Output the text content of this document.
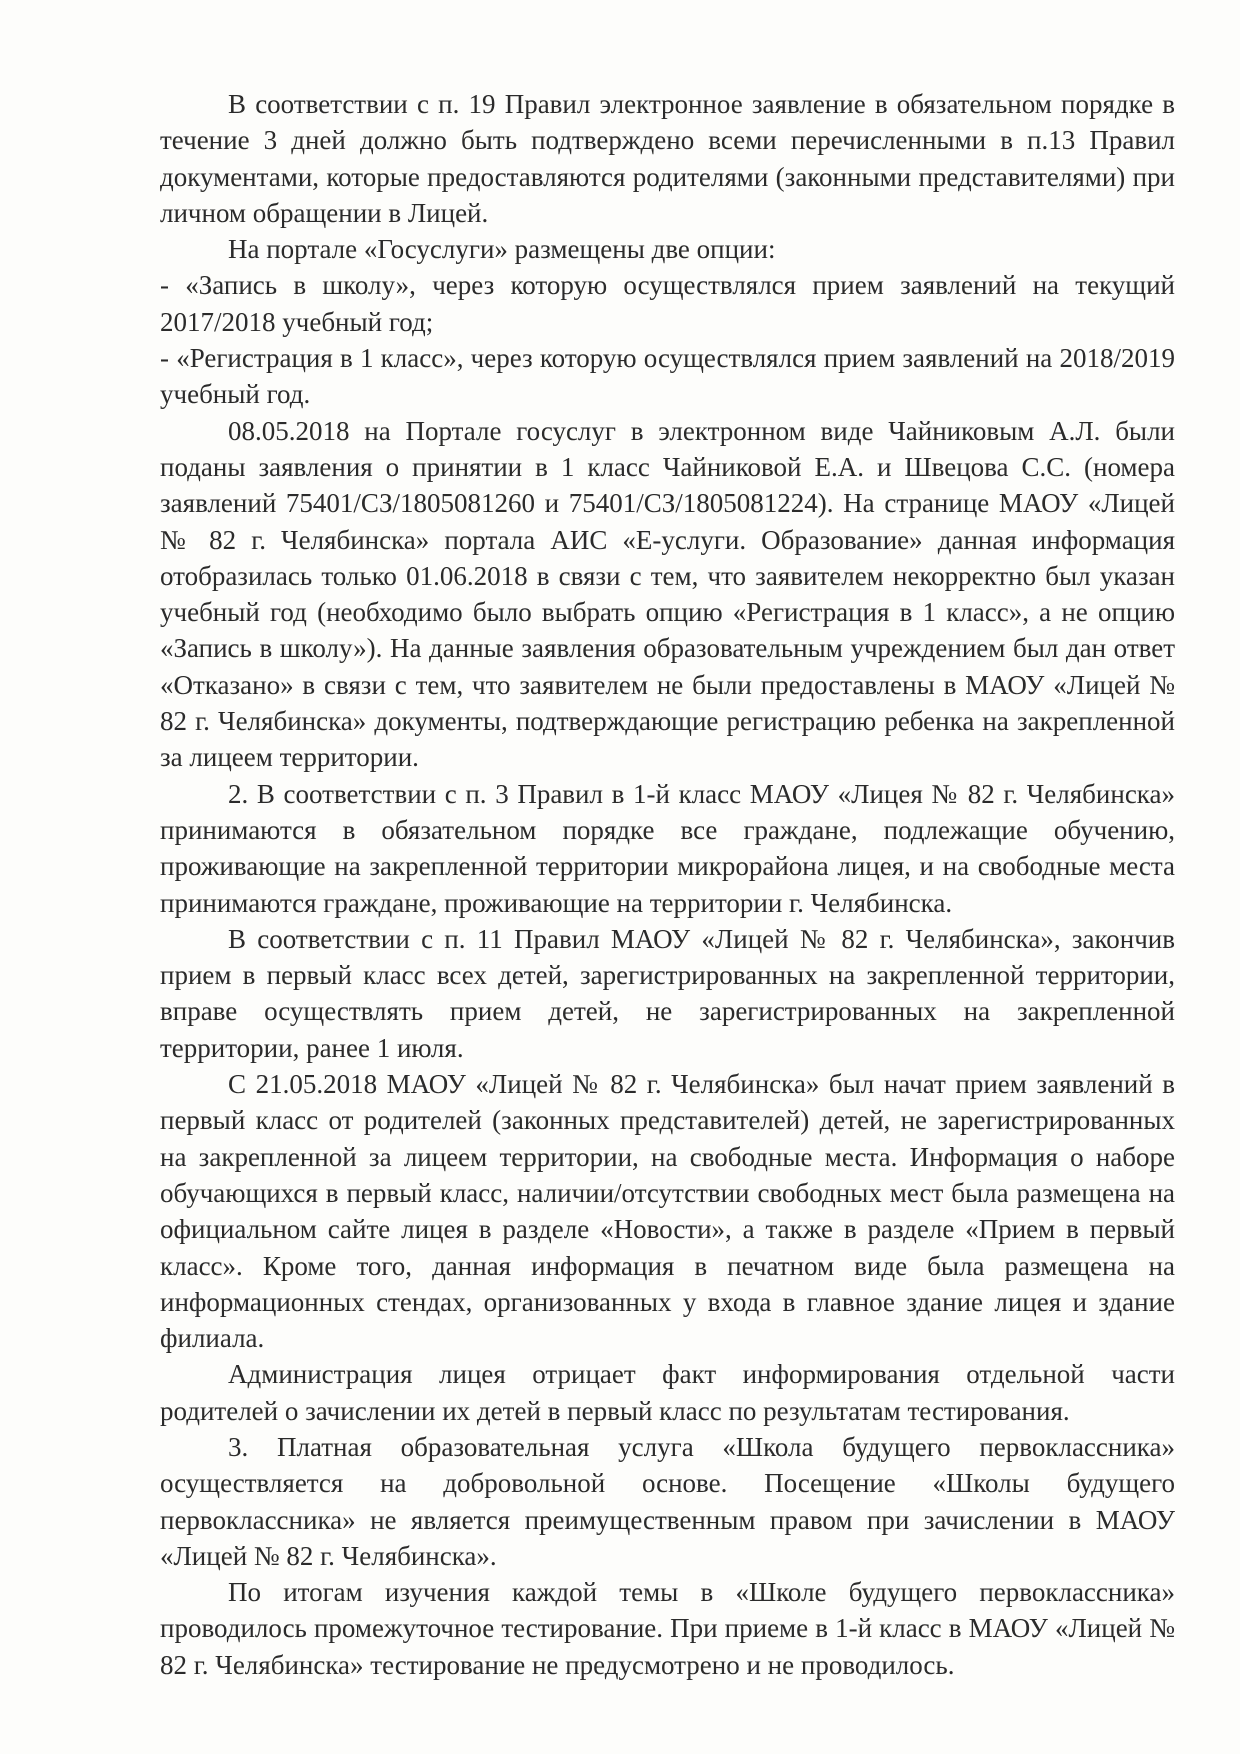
В соответствии с п. 19 Правил электронное заявление в обязательном порядке в течение 3 дней должно быть подтверждено всеми перечисленными в п.13 Правил документами, которые предоставляются родителями (законными представителями) при личном обращении в Лицей.

На портале «Госуслуги» размещены две опции:

- «Запись в школу», через которую осуществлялся прием заявлений на текущий 2017/2018 учебный год;

- «Регистрация в 1 класс», через которую осуществлялся прием заявлений на 2018/2019 учебный год.

08.05.2018 на Портале госуслуг в электронном виде Чайниковым А.Л. были поданы заявления о принятии в 1 класс Чайниковой Е.А. и Швецова С.С. (номера заявлений 75401/СЗ/1805081260 и 75401/СЗ/1805081224). На странице МАОУ «Лицей № 82 г. Челябинска» портала АИС «Е-услуги. Образование» данная информация отобразилась только 01.06.2018 в связи с тем, что заявителем некорректно был указан учебный год (необходимо было выбрать опцию «Регистрация в 1 класс», а не опцию «Запись в школу»). На данные заявления образовательным учреждением был дан ответ «Отказано» в связи с тем, что заявителем не были предоставлены в МАОУ «Лицей № 82 г. Челябинска» документы, подтверждающие регистрацию ребенка на закрепленной за лицеем территории.

2. В соответствии с п. 3 Правил в 1-й класс МАОУ «Лицея № 82 г. Челябинска» принимаются в обязательном порядке все граждане, подлежащие обучению, проживающие на закрепленной территории микрорайона лицея, и на свободные места принимаются граждане, проживающие на территории г. Челябинска.

В соответствии с п. 11 Правил МАОУ «Лицей № 82 г. Челябинска», закончив прием в первый класс всех детей, зарегистрированных на закрепленной территории, вправе осуществлять прием детей, не зарегистрированных на закрепленной территории, ранее 1 июля.

С 21.05.2018 МАОУ «Лицей № 82 г. Челябинска» был начат прием заявлений в первый класс от родителей (законных представителей) детей, не зарегистрированных на закрепленной за лицеем территории, на свободные места. Информация о наборе обучающихся в первый класс, наличии/отсутствии свободных мест была размещена на официальном сайте лицея в разделе «Новости», а также в разделе «Прием в первый класс». Кроме того, данная информация в печатном виде была размещена на информационных стендах, организованных у входа в главное здание лицея и здание филиала.

Администрация лицея отрицает факт информирования отдельной части родителей о зачислении их детей в первый класс по результатам тестирования.

3. Платная образовательная услуга «Школа будущего первоклассника» осуществляется на добровольной основе. Посещение «Школы будущего первоклассника» не является преимущественным правом при зачислении в МАОУ «Лицей № 82 г. Челябинска».

По итогам изучения каждой темы в «Школе будущего первоклассника» проводилось промежуточное тестирование. При приеме в 1-й класс в МАОУ «Лицей № 82 г. Челябинска» тестирование не предусмотрено и не проводилось.
